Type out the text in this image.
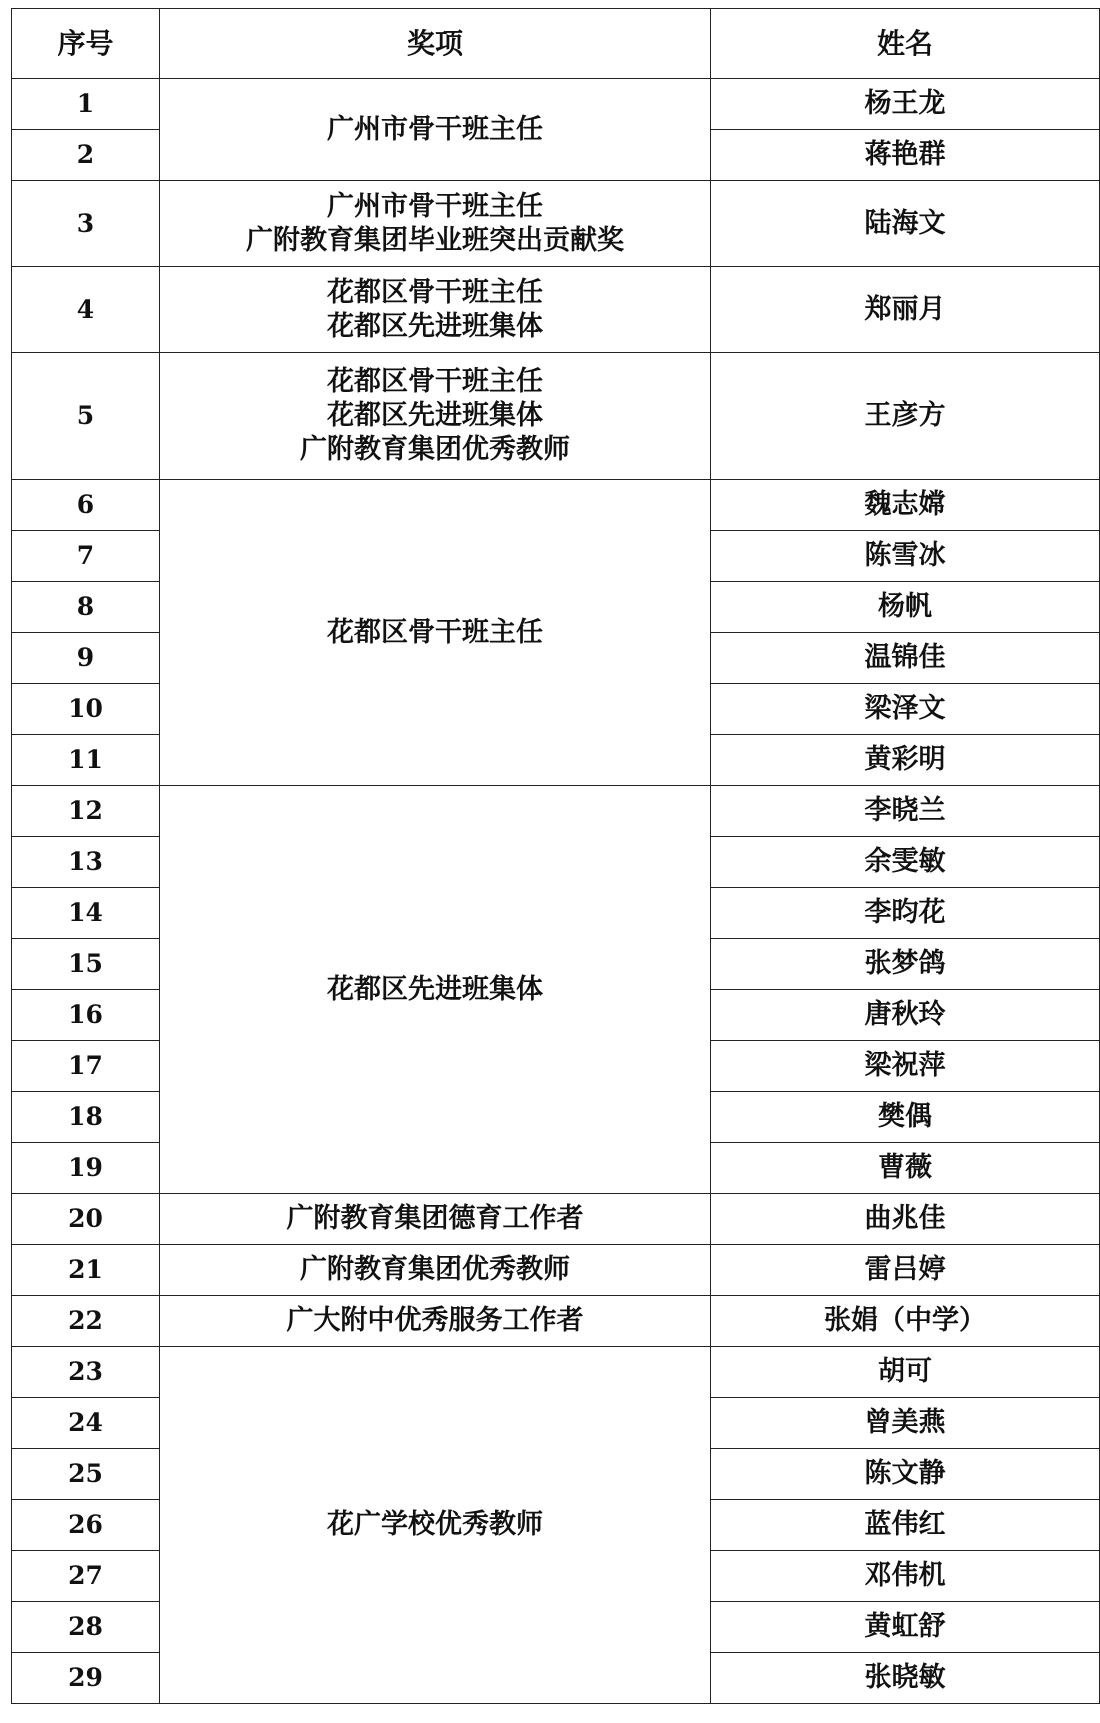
序号	奖项	姓名
1	广州市骨干班主任	杨王龙
2		蒋艳群
3	广州市骨干班主任
广附教育集团毕业班突出贡献奖	陆海文
4	花都区骨干班主任
花都区先进班集体	郑丽月
5	花都区骨干班主任
花都区先进班集体
广附教育集团优秀教师	王彦方
6	花都区骨干班主任	魏志嫦
7		陈雪冰
8		杨帆
9		温锦佳
10		梁泽文
11		黄彩明
12	花都区先进班集体	李晓兰
13		余雯敏
14		李昀花
15		张梦鸽
16		唐秋玲
17		梁祝萍
18		樊偶
19		曹薇
20	广附教育集团德育工作者	曲兆佳
21	广附教育集团优秀教师	雷吕婷
22	广大附中优秀服务工作者	张娟（中学）
23	花广学校优秀教师	胡可
24		曾美燕
25		陈文静
26		蓝伟红
27		邓伟机
28		黄虹舒
29		张晓敏
